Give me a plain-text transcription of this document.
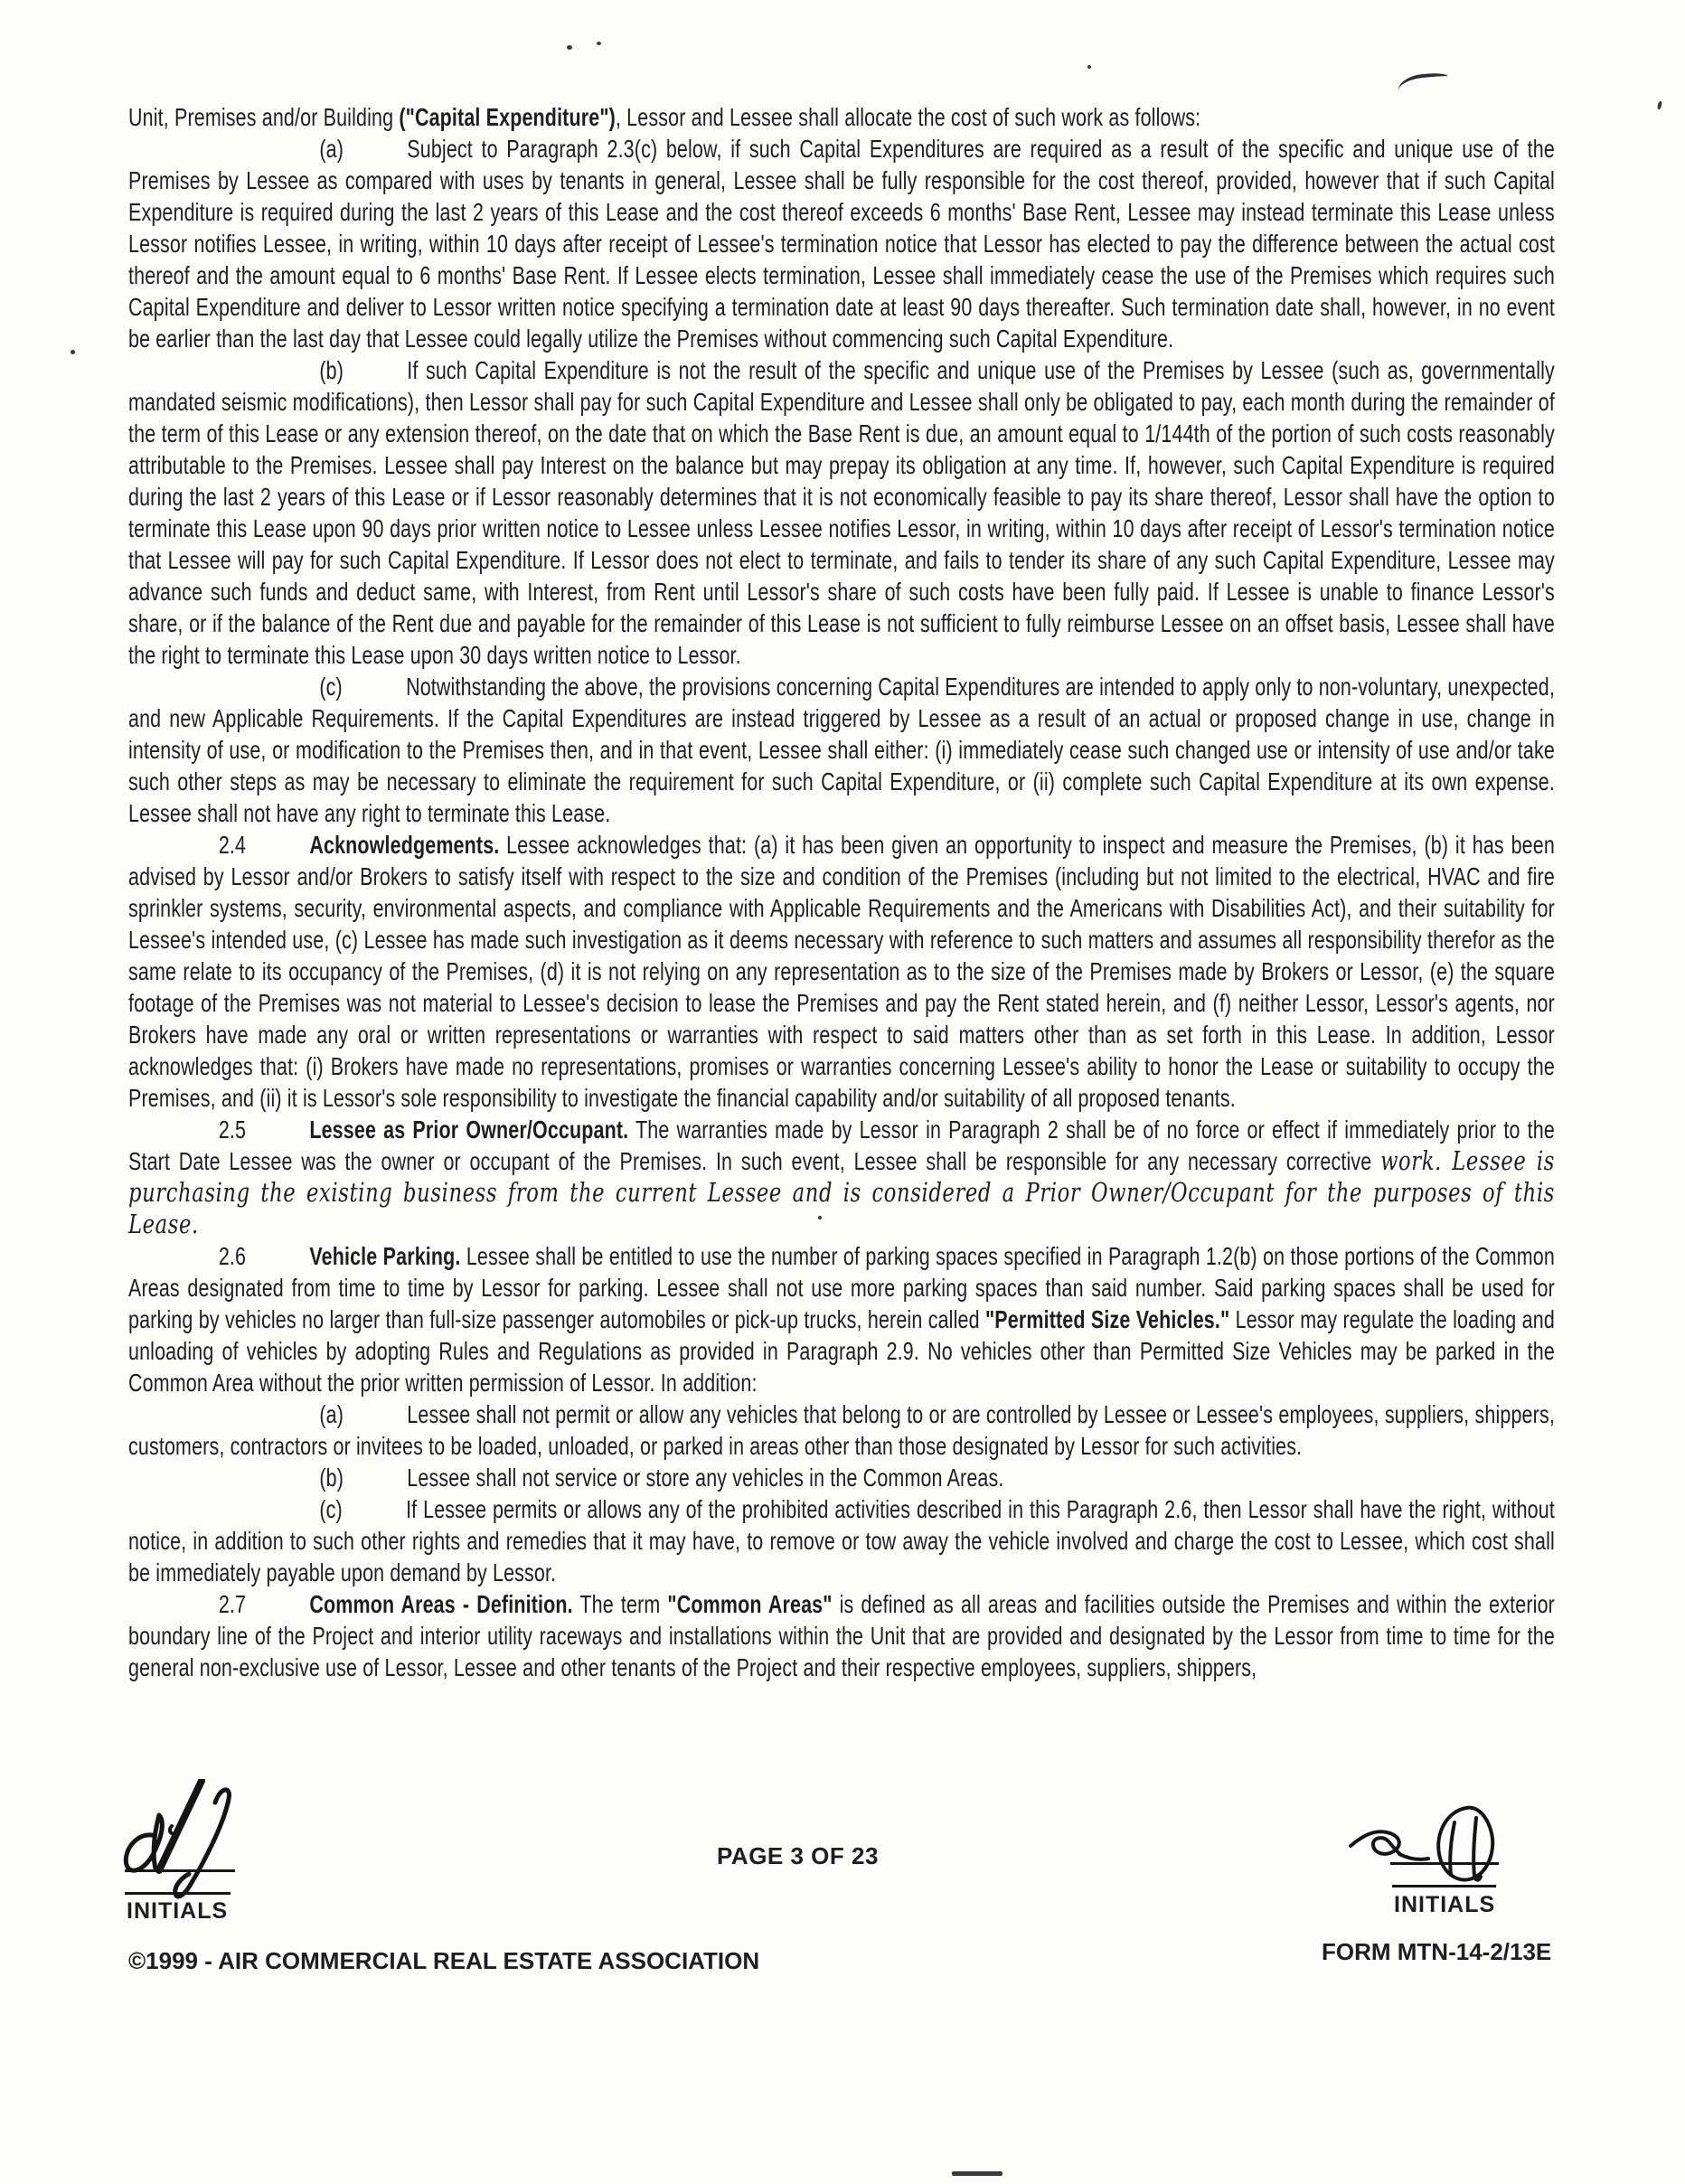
Unit, Premises and/or Building ("Capital Expenditure"), Lessor and Lessee shall allocate the cost of such work as follows:

(a)	Subject to Paragraph 2.3(c) below, if such Capital Expenditures are required as a result of the specific and unique use of the Premises by Lessee as compared with uses by tenants in general, Lessee shall be fully responsible for the cost thereof, provided, however that if such Capital Expenditure is required during the last 2 years of this Lease and the cost thereof exceeds 6 months' Base Rent, Lessee may instead terminate this Lease unless Lessor notifies Lessee, in writing, within 10 days after receipt of Lessee's termination notice that Lessor has elected to pay the difference between the actual cost thereof and the amount equal to 6 months' Base Rent. If Lessee elects termination, Lessee shall immediately cease the use of the Premises which requires such Capital Expenditure and deliver to Lessor written notice specifying a termination date at least 90 days thereafter. Such termination date shall, however, in no event be earlier than the last day that Lessee could legally utilize the Premises without commencing such Capital Expenditure.

(b)	If such Capital Expenditure is not the result of the specific and unique use of the Premises by Lessee (such as, governmentally mandated seismic modifications), then Lessor shall pay for such Capital Expenditure and Lessee shall only be obligated to pay, each month during the remainder of the term of this Lease or any extension thereof, on the date that on which the Base Rent is due, an amount equal to 1/144th of the portion of such costs reasonably attributable to the Premises. Lessee shall pay Interest on the balance but may prepay its obligation at any time. If, however, such Capital Expenditure is required during the last 2 years of this Lease or if Lessor reasonably determines that it is not economically feasible to pay its share thereof, Lessor shall have the option to terminate this Lease upon 90 days prior written notice to Lessee unless Lessee notifies Lessor, in writing, within 10 days after receipt of Lessor's termination notice that Lessee will pay for such Capital Expenditure. If Lessor does not elect to terminate, and fails to tender its share of any such Capital Expenditure, Lessee may advance such funds and deduct same, with Interest, from Rent until Lessor's share of such costs have been fully paid. If Lessee is unable to finance Lessor's share, or if the balance of the Rent due and payable for the remainder of this Lease is not sufficient to fully reimburse Lessee on an offset basis, Lessee shall have the right to terminate this Lease upon 30 days written notice to Lessor.

(c)	Notwithstanding the above, the provisions concerning Capital Expenditures are intended to apply only to non-voluntary, unexpected, and new Applicable Requirements. If the Capital Expenditures are instead triggered by Lessee as a result of an actual or proposed change in use, change in intensity of use, or modification to the Premises then, and in that event, Lessee shall either: (i) immediately cease such changed use or intensity of use and/or take such other steps as may be necessary to eliminate the requirement for such Capital Expenditure, or (ii) complete such Capital Expenditure at its own expense. Lessee shall not have any right to terminate this Lease.

2.4	Acknowledgements. Lessee acknowledges that: (a) it has been given an opportunity to inspect and measure the Premises, (b) it has been advised by Lessor and/or Brokers to satisfy itself with respect to the size and condition of the Premises (including but not limited to the electrical, HVAC and fire sprinkler systems, security, environmental aspects, and compliance with Applicable Requirements and the Americans with Disabilities Act), and their suitability for Lessee's intended use, (c) Lessee has made such investigation as it deems necessary with reference to such matters and assumes all responsibility therefor as the same relate to its occupancy of the Premises, (d) it is not relying on any representation as to the size of the Premises made by Brokers or Lessor, (e) the square footage of the Premises was not material to Lessee's decision to lease the Premises and pay the Rent stated herein, and (f) neither Lessor, Lessor's agents, nor Brokers have made any oral or written representations or warranties with respect to said matters other than as set forth in this Lease. In addition, Lessor acknowledges that: (i) Brokers have made no representations, promises or warranties concerning Lessee's ability to honor the Lease or suitability to occupy the Premises, and (ii) it is Lessor's sole responsibility to investigate the financial capability and/or suitability of all proposed tenants.

2.5	Lessee as Prior Owner/Occupant. The warranties made by Lessor in Paragraph 2 shall be of no force or effect if immediately prior to the Start Date Lessee was the owner or occupant of the Premises. In such event, Lessee shall be responsible for any necessary corrective work. Lessee is purchasing the existing business from the current Lessee and is considered a Prior Owner/Occupant for the purposes of this Lease.

2.6	Vehicle Parking. Lessee shall be entitled to use the number of parking spaces specified in Paragraph 1.2(b) on those portions of the Common Areas designated from time to time by Lessor for parking. Lessee shall not use more parking spaces than said number. Said parking spaces shall be used for parking by vehicles no larger than full-size passenger automobiles or pick-up trucks, herein called "Permitted Size Vehicles." Lessor may regulate the loading and unloading of vehicles by adopting Rules and Regulations as provided in Paragraph 2.9. No vehicles other than Permitted Size Vehicles may be parked in the Common Area without the prior written permission of Lessor. In addition:

(a)	Lessee shall not permit or allow any vehicles that belong to or are controlled by Lessee or Lessee's employees, suppliers, shippers, customers, contractors or invitees to be loaded, unloaded, or parked in areas other than those designated by Lessor for such activities.

(b)	Lessee shall not service or store any vehicles in the Common Areas.

(c)	If Lessee permits or allows any of the prohibited activities described in this Paragraph 2.6, then Lessor shall have the right, without notice, in addition to such other rights and remedies that it may have, to remove or tow away the vehicle involved and charge the cost to Lessee, which cost shall be immediately payable upon demand by Lessor.

2.7	Common Areas - Definition. The term "Common Areas" is defined as all areas and facilities outside the Premises and within the exterior boundary line of the Project and interior utility raceways and installations within the Unit that are provided and designated by the Lessor from time to time for the general non-exclusive use of Lessor, Lessee and other tenants of the Project and their respective employees, suppliers, shippers,

PAGE 3 OF 23
INITIALS	INITIALS
©1999 - AIR COMMERCIAL REAL ESTATE ASSOCIATION	FORM MTN-14-2/13E
